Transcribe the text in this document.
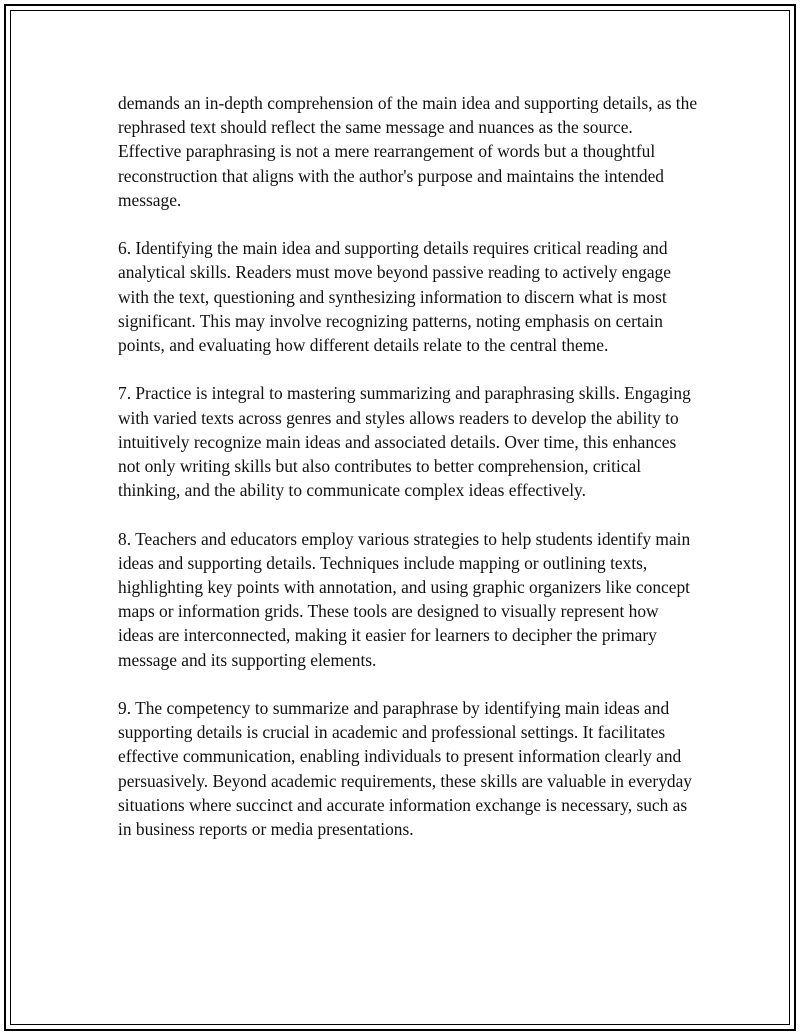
demands an in-depth comprehension of the main idea and supporting details, as the rephrased text should reflect the same message and nuances as the source. Effective paraphrasing is not a mere rearrangement of words but a thoughtful reconstruction that aligns with the author's purpose and maintains the intended message.

6. Identifying the main idea and supporting details requires critical reading and analytical skills. Readers must move beyond passive reading to actively engage with the text, questioning and synthesizing information to discern what is most significant. This may involve recognizing patterns, noting emphasis on certain points, and evaluating how different details relate to the central theme.

7. Practice is integral to mastering summarizing and paraphrasing skills. Engaging with varied texts across genres and styles allows readers to develop the ability to intuitively recognize main ideas and associated details. Over time, this enhances not only writing skills but also contributes to better comprehension, critical thinking, and the ability to communicate complex ideas effectively.

8. Teachers and educators employ various strategies to help students identify main ideas and supporting details. Techniques include mapping or outlining texts, highlighting key points with annotation, and using graphic organizers like concept maps or information grids. These tools are designed to visually represent how ideas are interconnected, making it easier for learners to decipher the primary message and its supporting elements.

9. The competency to summarize and paraphrase by identifying main ideas and supporting details is crucial in academic and professional settings. It facilitates effective communication, enabling individuals to present information clearly and persuasively. Beyond academic requirements, these skills are valuable in everyday situations where succinct and accurate information exchange is necessary, such as in business reports or media presentations.
